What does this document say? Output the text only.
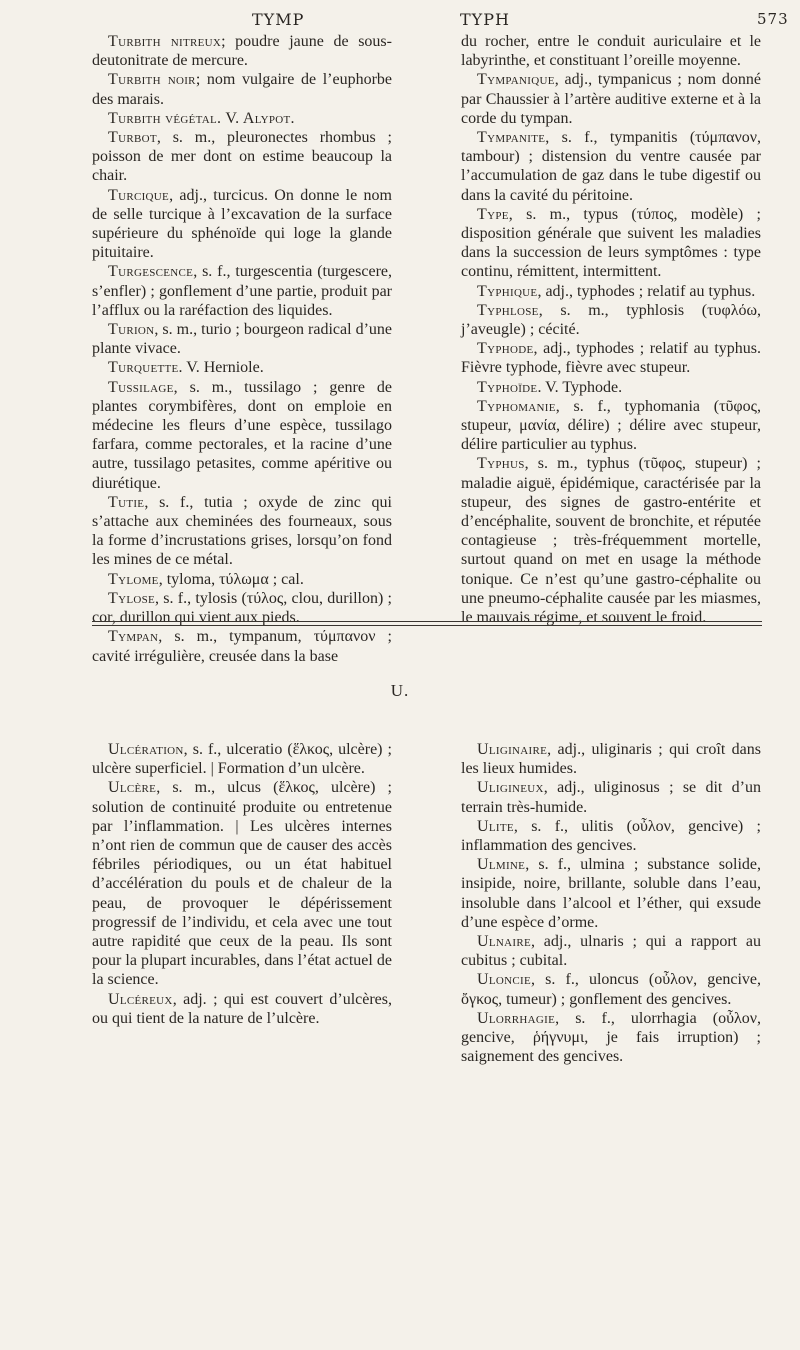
TYMP	TYPH	573

Turbith nitreux; poudre jaune de sous-deutonitrate de mercure.

Turbith noir; nom vulgaire de l’euphorbe des marais.

Turbith végétal. V. Alypot.

Turbot, s. m., pleuronectes rhombus ; poisson de mer dont on estime beaucoup la chair.

Turcique, adj., turcicus. On donne le nom de selle turcique à l’excavation de la surface supérieure du sphénoïde qui loge la glande pituitaire.

Turgescence, s. f., turgescentia (turgescere, s’enfler) ; gonflement d’une partie, produit par l’afflux ou la raréfaction des liquides.

Turion, s. m., turio ; bourgeon radical d’une plante vivace.

Turquette. V. Herniole.

Tussilage, s. m., tussilago ; genre de plantes corymbifères, dont on emploie en médecine les fleurs d’une espèce, tussilago farfara, comme pectorales, et la racine d’une autre, tussilago petasites, comme apéritive ou diurétique.

Tutie, s. f., tutia ; oxyde de zinc qui s’attache aux cheminées des fourneaux, sous la forme d’incrustations grises, lorsqu’on fond les mines de ce métal.

Tylome, tyloma, τύλωμα ; cal.

Tylose, s. f., tylosis (τύλος, clou, durillon) ; cor, durillon qui vient aux pieds.

Tympan, s. m., tympanum, τύμπανον ; cavité irrégulière, creusée dans la base

du rocher, entre le conduit auriculaire et le labyrinthe, et constituant l’oreille moyenne.

Tympanique, adj., tympanicus ; nom donné par Chaussier à l’artère auditive externe et à la corde du tympan.

Tympanite, s. f., tympanitis (τύμπανον, tambour) ; distension du ventre causée par l’accumulation de gaz dans le tube digestif ou dans la cavité du péritoine.

Type, s. m., typus (τύπος, modèle) ; disposition générale que suivent les maladies dans la succession de leurs symptômes : type continu, rémittent, intermittent.

Typhique, adj., typhodes ; relatif au typhus.

Typhlose, s. m., typhlosis (τυφλόω, j’aveugle) ; cécité.

Typhode, adj., typhodes ; relatif au typhus. Fièvre typhode, fièvre avec stupeur.

Typhoïde. V. Typhode.

Typhomanie, s. f., typhomania (τῦφος, stupeur, μανία, délire) ; délire avec stupeur, délire particulier au typhus.

Typhus, s. m., typhus (τῦφος, stupeur) ; maladie aiguë, épidémique, caractérisée par la stupeur, des signes de gastro-entérite et d’encéphalite, souvent de bronchite, et réputée contagieuse ; très-fréquemment mortelle, surtout quand on met en usage la méthode tonique. Ce n’est qu’une gastro-céphalite ou une pneumo-céphalite causée par les miasmes, le mauvais régime, et souvent le froid.

U.

Ulcération, s. f., ulceratio (ἕλκος, ulcère) ; ulcère superficiel. | Formation d’un ulcère.

Ulcère, s. m., ulcus (ἕλκος, ulcère) ; solution de continuité produite ou entretenue par l’inflammation. | Les ulcères internes n’ont rien de commun que de causer des accès fébriles périodiques, ou un état habituel d’accélération du pouls et de chaleur de la peau, de provoquer le dépérissement progressif de l’individu, et cela avec une tout autre rapidité que ceux de la peau. Ils sont pour la plupart incurables, dans l’état actuel de la science.

Ulcéreux, adj. ; qui est couvert d’ulcères, ou qui tient de la nature de l’ulcère.

Uliginaire, adj., uliginaris ; qui croît dans les lieux humides.

Uligineux, adj., uliginosus ; se dit d’un terrain très-humide.

Ulite, s. f., ulitis (οὖλον, gencive) ; inflammation des gencives.

Ulmine, s. f., ulmina ; substance solide, insipide, noire, brillante, soluble dans l’eau, insoluble dans l’alcool et l’éther, qui exsude d’une espèce d’orme.

Ulnaire, adj., ulnaris ; qui a rapport au cubitus ; cubital.

Uloncie, s. f., uloncus (οὖλον, gencive, ὄγκος, tumeur) ; gonflement des gencives.

Ulorrhagie, s. f., ulorrhagia (οὖλον, gencive, ῥήγνυμι, je fais irruption) ; saignement des gencives.
